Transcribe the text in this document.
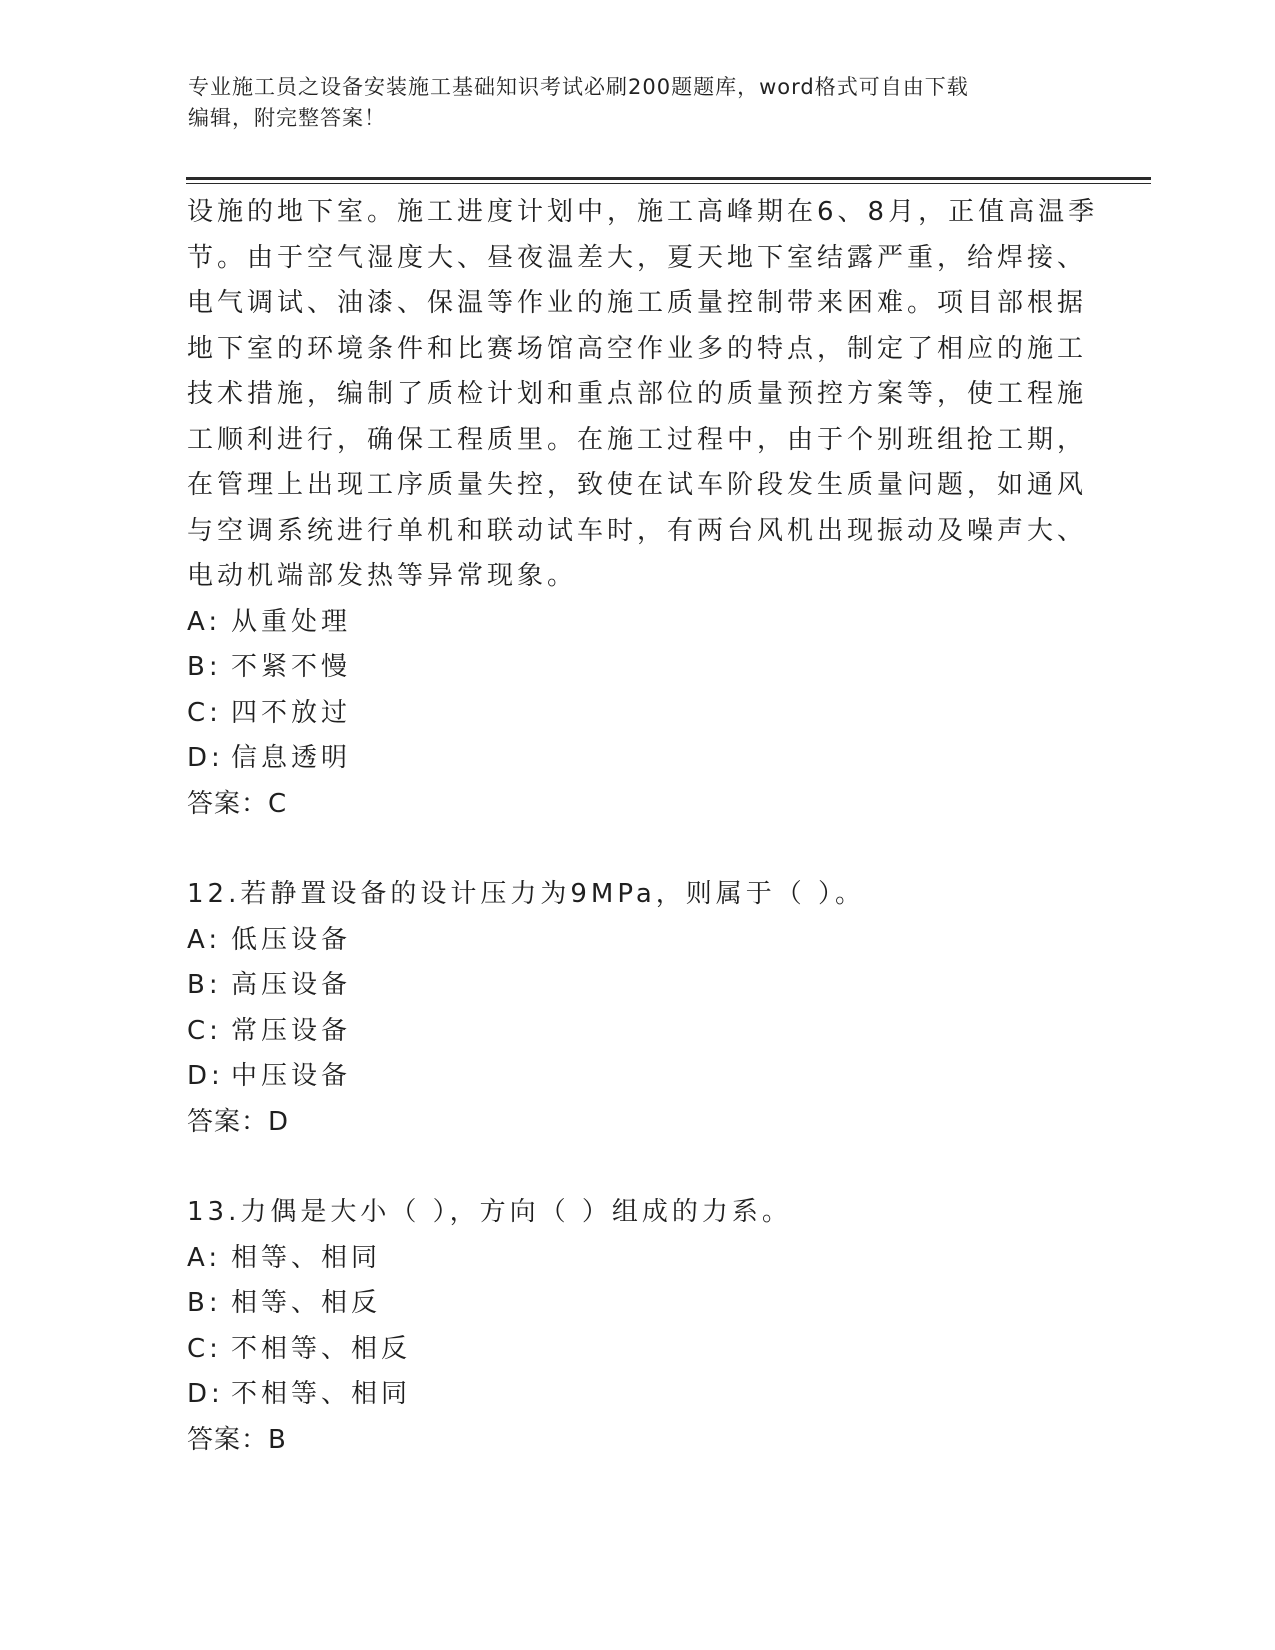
专业施工员之设备安装施工基础知识考试必刷200题题库，word格式可自由下载
编辑，附完整答案！
设施的地下室。施工进度计划中，施工高峰期在6、8月，正值高温季
节。由于空气湿度大、昼夜温差大，夏天地下室结露严重，给焊接、
电气调试、油漆、保温等作业的施工质量控制带来困难。项目部根据
地下室的环境条件和比赛场馆高空作业多的特点，制定了相应的施工
技术措施，编制了质检计划和重点部位的质量预控方案等，使工程施
工顺利进行，确保工程质里。在施工过程中，由于个别班组抢工期，
在管理上出现工序质量失控，致使在试车阶段发生质量问题，如通风
与空调系统进行单机和联动试车时，有两台风机出现振动及噪声大、
电动机端部发热等异常现象。
A: 从重处理
B: 不紧不慢
C: 四不放过
D: 信息透明
答案：C
12.若静置设备的设计压力为9MPa，则属于（ ）。
A: 低压设备
B: 高压设备
C: 常压设备
D: 中压设备
答案：D
13.力偶是大小（ ），方向（ ）组成的力系。
A: 相等、相同
B: 相等、相反
C: 不相等、相反
D: 不相等、相同
答案：B
